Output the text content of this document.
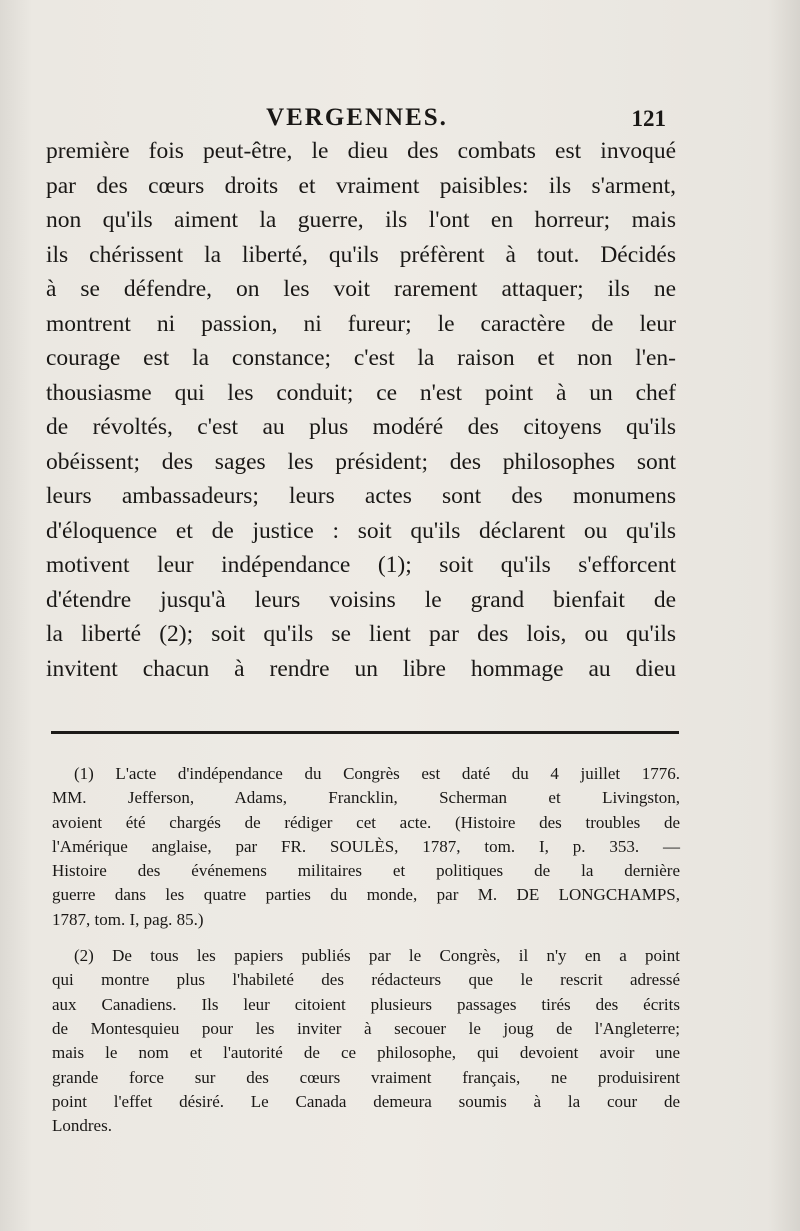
VERGENNES.	121
première fois peut-être, le dieu des combats est invoqué
par des cœurs droits et vraiment paisibles: ils s'arment,
non qu'ils aiment la guerre, ils l'ont en horreur; mais
ils chérissent la liberté, qu'ils préfèrent à tout. Décidés
à se défendre, on les voit rarement attaquer; ils ne
montrent ni passion, ni fureur; le caractère de leur
courage est la constance; c'est la raison et non l'en-
thousiasme qui les conduit; ce n'est point à un chef
de révoltés, c'est au plus modéré des citoyens qu'ils
obéissent; des sages les président; des philosophes sont
leurs ambassadeurs; leurs actes sont des monumens
d'éloquence et de justice : soit qu'ils déclarent ou qu'ils
motivent leur indépendance (1); soit qu'ils s'efforcent
d'étendre jusqu'à leurs voisins le grand bienfait de
la liberté (2); soit qu'ils se lient par des lois, ou qu'ils
invitent chacun à rendre un libre hommage au dieu
(1) L'acte d'indépendance du Congrès est daté du 4 juillet 1776.
MM. Jefferson, Adams, Francklin, Scherman et Livingston,
avoient été chargés de rédiger cet acte. (Histoire des troubles de
l'Amérique anglaise, par FR. SOULÈS, 1787, tom. I, p. 353. —
Histoire des événemens militaires et politiques de la dernière
guerre dans les quatre parties du monde, par M. DE LONGCHAMPS,
1787, tom. I, pag. 85.)
(2) De tous les papiers publiés par le Congrès, il n'y en a point
qui montre plus l'habileté des rédacteurs que le rescrit adressé
aux Canadiens. Ils leur citoient plusieurs passages tirés des écrits
de Montesquieu pour les inviter à secouer le joug de l'Angleterre;
mais le nom et l'autorité de ce philosophe, qui devoient avoir une
grande force sur des cœurs vraiment français, ne produisirent
point l'effet désiré. Le Canada demeura soumis à la cour de
Londres.
